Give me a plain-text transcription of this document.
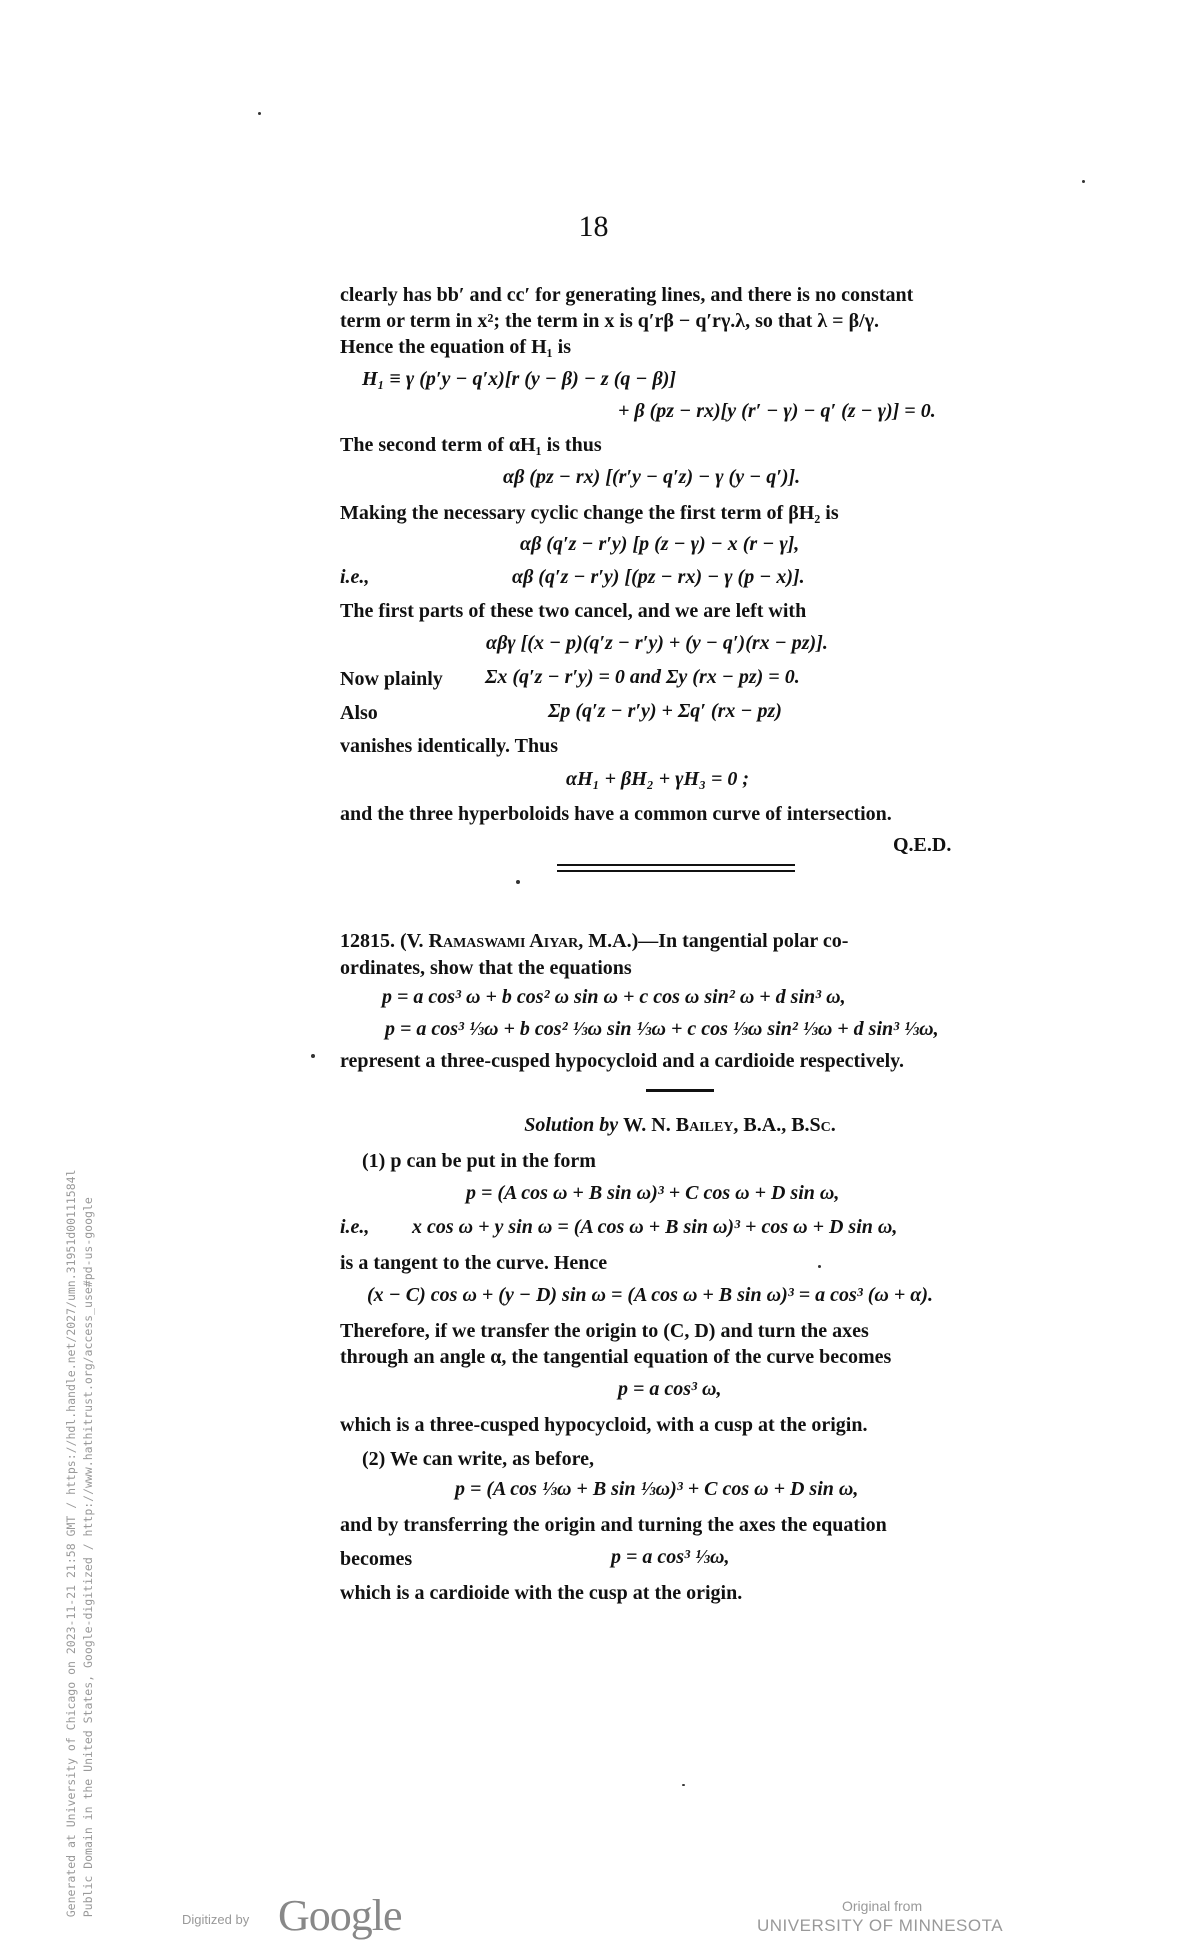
18
clearly has bb′ and cc′ for generating lines, and there is no constant
term or term in x²; the term in x is q′rβ − q′rγ.λ, so that λ = β/γ.
Hence the equation of H₁ is
H₁ ≡ γ (p′y − q′x)[r (y − β) − z (q − β)]
+ β (pz − rx)[y (r′ − γ) − q′ (z − γ)] = 0.
The second term of αH₁ is thus
αβ (pz − rx) [(r′y − q′z) − γ (y − q′)].
Making the necessary cyclic change the first term of βH₂ is
αβ (q′z − r′y) [p (z − γ) − x (r − γ],
i.e.,	αβ (q′z − r′y) [(pz − rx) − γ (p − x)].
The first parts of these two cancel, and we are left with
αβγ [(x − p)(q′z − r′y) + (y − q′)(rx − pz)].
Now plainly	Σx (q′z − r′y) = 0 and Σy (rx − pz) = 0.
Also	Σp (q′z − r′y) + Σq′ (rx − pz)
vanishes identically. Thus
αH₁ + βH₂ + γH₃ = 0 ;
and the three hyperboloids have a common curve of intersection.
Q.E.D.
12815. (V. Ramaswami Aiyar, M.A.)—In tangential polar co-
ordinates, show that the equations
p = a cos³ ω + b cos² ω sin ω + c cos ω sin² ω + d sin³ ω,
p = a cos³ ⅓ω + b cos² ⅓ω sin ⅓ω + c cos ⅓ω sin² ⅓ω + d sin³ ⅓ω,
represent a three-cusped hypocycloid and a cardioide respectively.
Solution by W. N. Bailey, B.A., B.Sc.
(1) p can be put in the form
p = (A cos ω + B sin ω)³ + C cos ω + D sin ω,
i.e., x cos ω + y sin ω = (A cos ω + B sin ω)³ + cos ω + D sin ω,
is a tangent to the curve. Hence
(x − C) cos ω + (y − D) sin ω = (A cos ω + B sin ω)³ = a cos³ (ω + α).
Therefore, if we transfer the origin to (C, D) and turn the axes
through an angle α, the tangential equation of the curve becomes
p = a cos³ ω,
which is a three-cusped hypocycloid, with a cusp at the origin.
(2) We can write, as before,
p = (A cos ⅓ω + B sin ⅓ω)³ + C cos ω + D sin ω,
and by transferring the origin and turning the axes the equation
becomes	p = a cos³ ⅓ω,
which is a cardioide with the cusp at the origin.
Generated at University of Chicago on 2023-11-21 21:58 GMT / https://hdl.handle.net/2027/umn.31951d00111584l Public Domain in the United States, Google-digitized / http://www.hathitrust.org/access_use#pd-us-google
Digitized by Google	Original from
UNIVERSITY OF MINNESOTA
